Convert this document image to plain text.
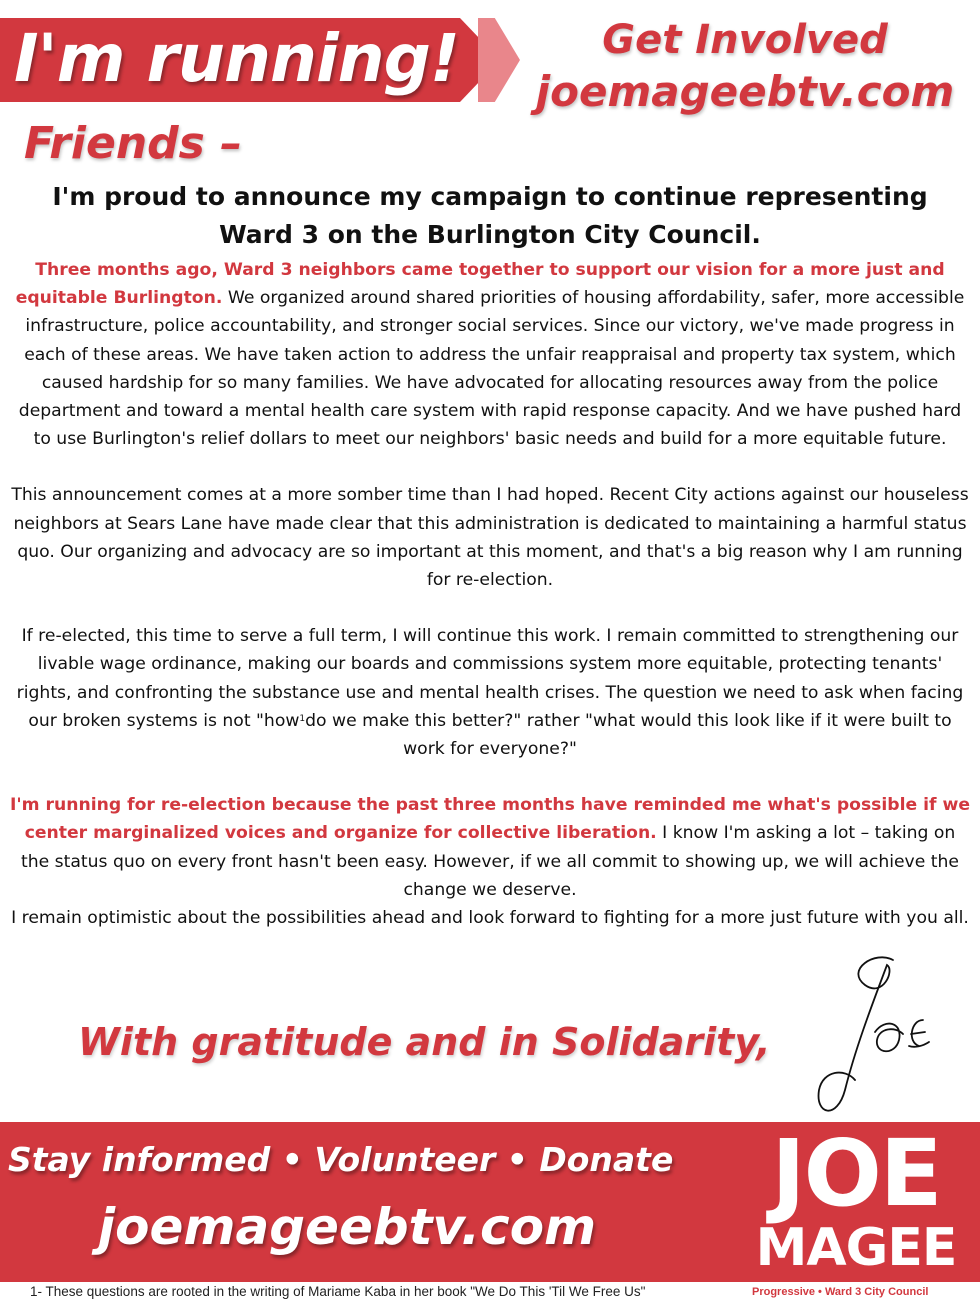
I'm running!	Get Involved
joemageebtv.com
Friends –
I'm proud to announce my campaign to continue representing Ward 3 on the Burlington City Council.

Three months ago, Ward 3 neighbors came together to support our vision for a more just and equitable Burlington. We organized around shared priorities of housing affordability, safer, more accessible infrastructure, police accountability, and stronger social services. Since our victory, we've made progress in each of these areas. We have taken action to address the unfair reappraisal and property tax system, which caused hardship for so many families. We have advocated for allocating resources away from the police department and toward a mental health care system with rapid response capacity. And we have pushed hard to use Burlington's relief dollars to meet our neighbors' basic needs and build for a more equitable future.

This announcement comes at a more somber time than I had hoped. Recent City actions against our houseless neighbors at Sears Lane have made clear that this administration is dedicated to maintaining a harmful status quo. Our organizing and advocacy are so important at this moment, and that's a big reason why I am running for re-election.

If re-elected, this time to serve a full term, I will continue this work. I remain committed to strengthening our livable wage ordinance, making our boards and commissions system more equitable, protecting tenants' rights, and confronting the substance use and mental health crises. The question we need to ask when facing our broken systems is not "how$^1$do we make this better?" rather "what would this look like if it were built to work for everyone?"

I'm running for re-election because the past three months have reminded me what's possible if we center marginalized voices and organize for collective liberation. I know I'm asking a lot – taking on the status quo on every front hasn't been easy. However, if we all commit to showing up, we will achieve the change we deserve.

I remain optimistic about the possibilities ahead and look forward to fighting for a more just future with you all.

With gratitude and in Solidarity,
Stay informed • Volunteer • Donate
joemageebtv.com	JOE
MAGEE
1- These questions are rooted in the writing of Mariame Kaba in her book "We Do This 'Til We Free Us"	Progressive • Ward 3 City Council
